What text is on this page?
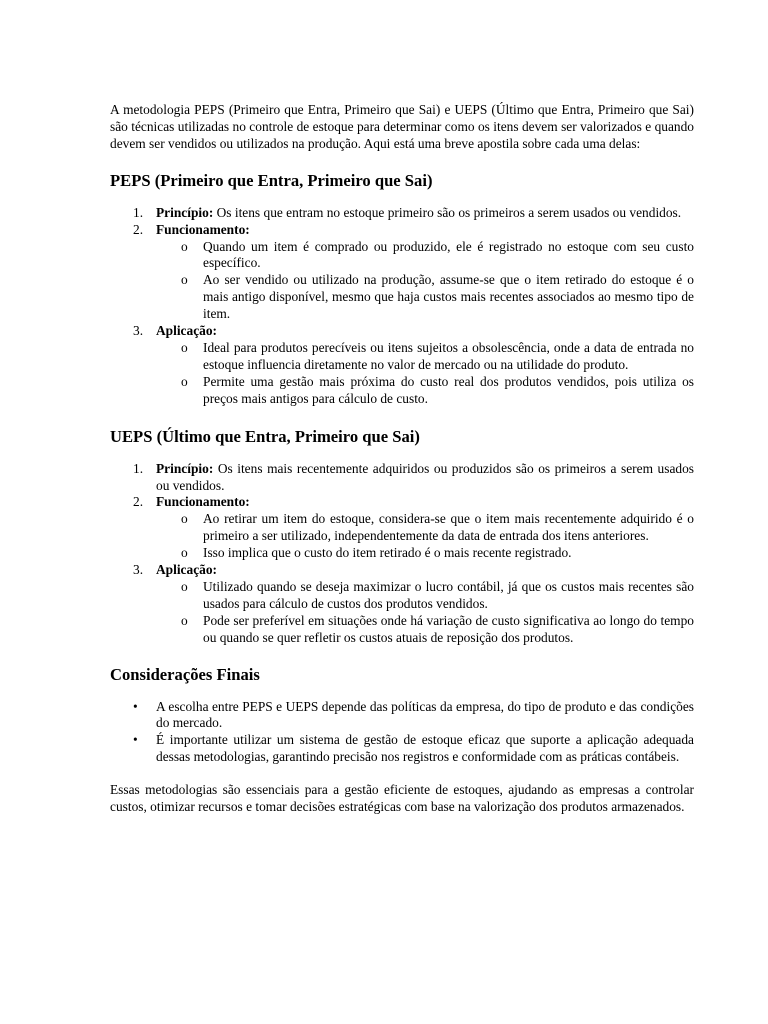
A metodologia PEPS (Primeiro que Entra, Primeiro que Sai) e UEPS (Último que Entra, Primeiro que Sai) são técnicas utilizadas no controle de estoque para determinar como os itens devem ser valorizados e quando devem ser vendidos ou utilizados na produção. Aqui está uma breve apostila sobre cada uma delas:

PEPS (Primeiro que Entra, Primeiro que Sai)
1. Princípio: Os itens que entram no estoque primeiro são os primeiros a serem usados ou vendidos.
2. Funcionamento:
o Quando um item é comprado ou produzido, ele é registrado no estoque com seu custo específico.
o Ao ser vendido ou utilizado na produção, assume-se que o item retirado do estoque é o mais antigo disponível, mesmo que haja custos mais recentes associados ao mesmo tipo de item.
3. Aplicação:
o Ideal para produtos perecíveis ou itens sujeitos a obsolescência, onde a data de entrada no estoque influencia diretamente no valor de mercado ou na utilidade do produto.
o Permite uma gestão mais próxima do custo real dos produtos vendidos, pois utiliza os preços mais antigos para cálculo de custo.
UEPS (Último que Entra, Primeiro que Sai)
1. Princípio: Os itens mais recentemente adquiridos ou produzidos são os primeiros a serem usados ou vendidos.
2. Funcionamento:
o Ao retirar um item do estoque, considera-se que o item mais recentemente adquirido é o primeiro a ser utilizado, independentemente da data de entrada dos itens anteriores.
o Isso implica que o custo do item retirado é o mais recente registrado.
3. Aplicação:
o Utilizado quando se deseja maximizar o lucro contábil, já que os custos mais recentes são usados para cálculo de custos dos produtos vendidos.
o Pode ser preferível em situações onde há variação de custo significativa ao longo do tempo ou quando se quer refletir os custos atuais de reposição dos produtos.
Considerações Finais
• A escolha entre PEPS e UEPS depende das políticas da empresa, do tipo de produto e das condições do mercado.
• É importante utilizar um sistema de gestão de estoque eficaz que suporte a aplicação adequada dessas metodologias, garantindo precisão nos registros e conformidade com as práticas contábeis.

Essas metodologias são essenciais para a gestão eficiente de estoques, ajudando as empresas a controlar custos, otimizar recursos e tomar decisões estratégicas com base na valorização dos produtos armazenados.
